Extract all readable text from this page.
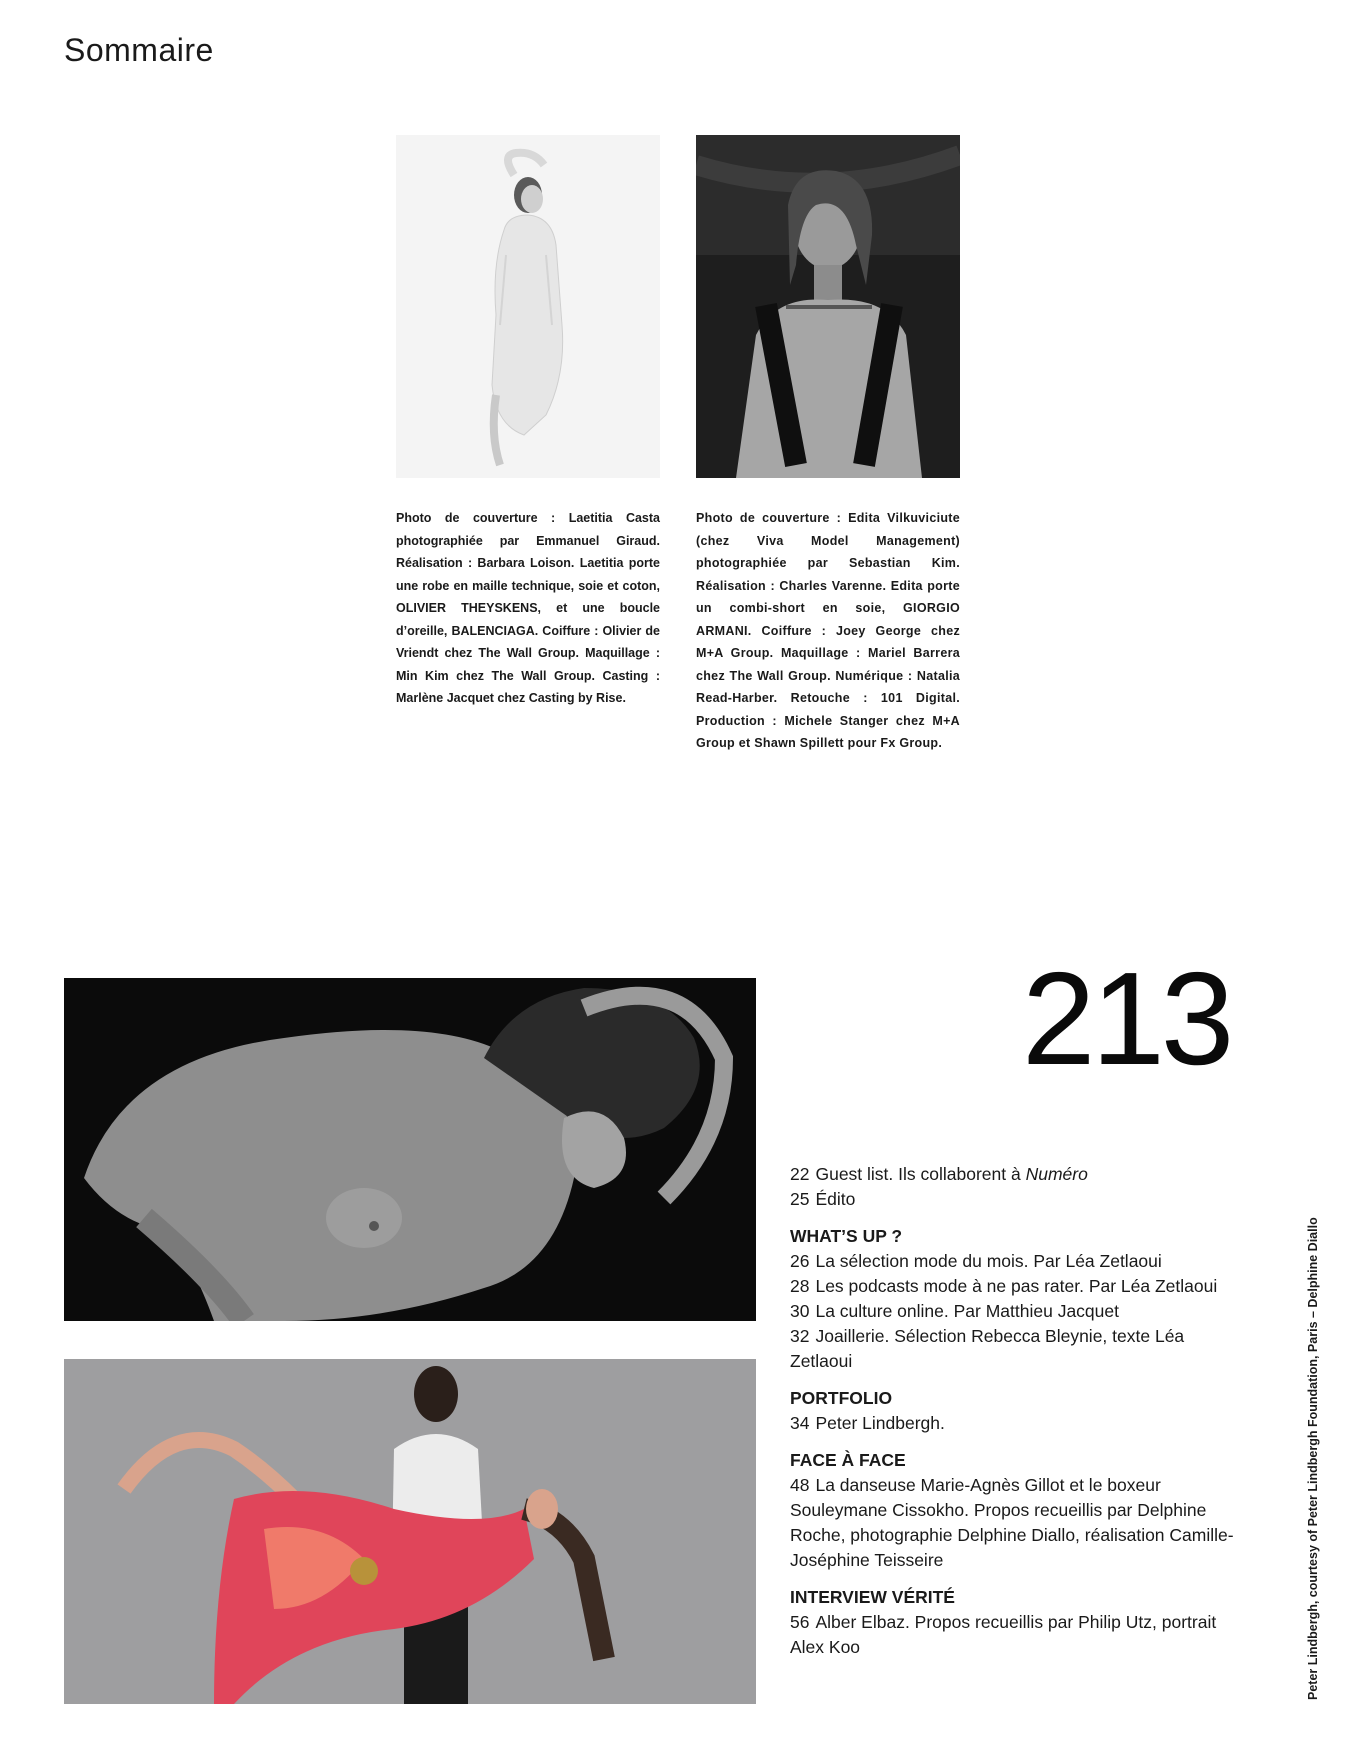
Sommaire
Photo de couverture : Laetitia Casta photographiée par Emmanuel Giraud. Réalisation : Barbara Loison. Laetitia porte une robe en maille technique, soie et coton, OLIVIER THEYSKENS, et une boucle d’oreille, BALENCIAGA. Coiffure : Olivier de Vriendt chez The Wall Group. Maquillage : Min Kim chez The Wall Group. Casting : Marlène Jacquet chez Casting by Rise.
Photo de couverture : Edita Vilkuviciute (chez Viva Model Management) photographiée par Sebastian Kim. Réalisation : Charles Varenne. Edita porte un combi-short en soie, GIORGIO ARMANI. Coiffure : Joey George chez M+A Group. Maquillage : Mariel Barrera chez The Wall Group. Numérique : Natalia Read-Harber. Retouche : 101 Digital. Production : Michele Stanger chez M+A Group et Shawn Spillett pour Fx Group.
213
22 Guest list. Ils collaborent à Numéro
25 Édito
WHAT’S UP ?
26 La sélection mode du mois. Par Léa Zetlaoui
28 Les podcasts mode à ne pas rater. Par Léa Zetlaoui
30 La culture online. Par Matthieu Jacquet
32 Joaillerie. Sélection Rebecca Bleynie, texte Léa Zetlaoui
PORTFOLIO
34 Peter Lindbergh.
FACE À FACE
48 La danseuse Marie-Agnès Gillot et le boxeur Souleymane Cissokho. Propos recueillis par Delphine Roche, photographie Delphine Diallo, réalisation Camille-Joséphine Teisseire
INTERVIEW VÉRITÉ
56 Alber Elbaz. Propos recueillis par Philip Utz, portrait Alex Koo	Peter Lindbergh, courtesy of Peter Lindbergh Foundation, Paris – Delphine Diallo
